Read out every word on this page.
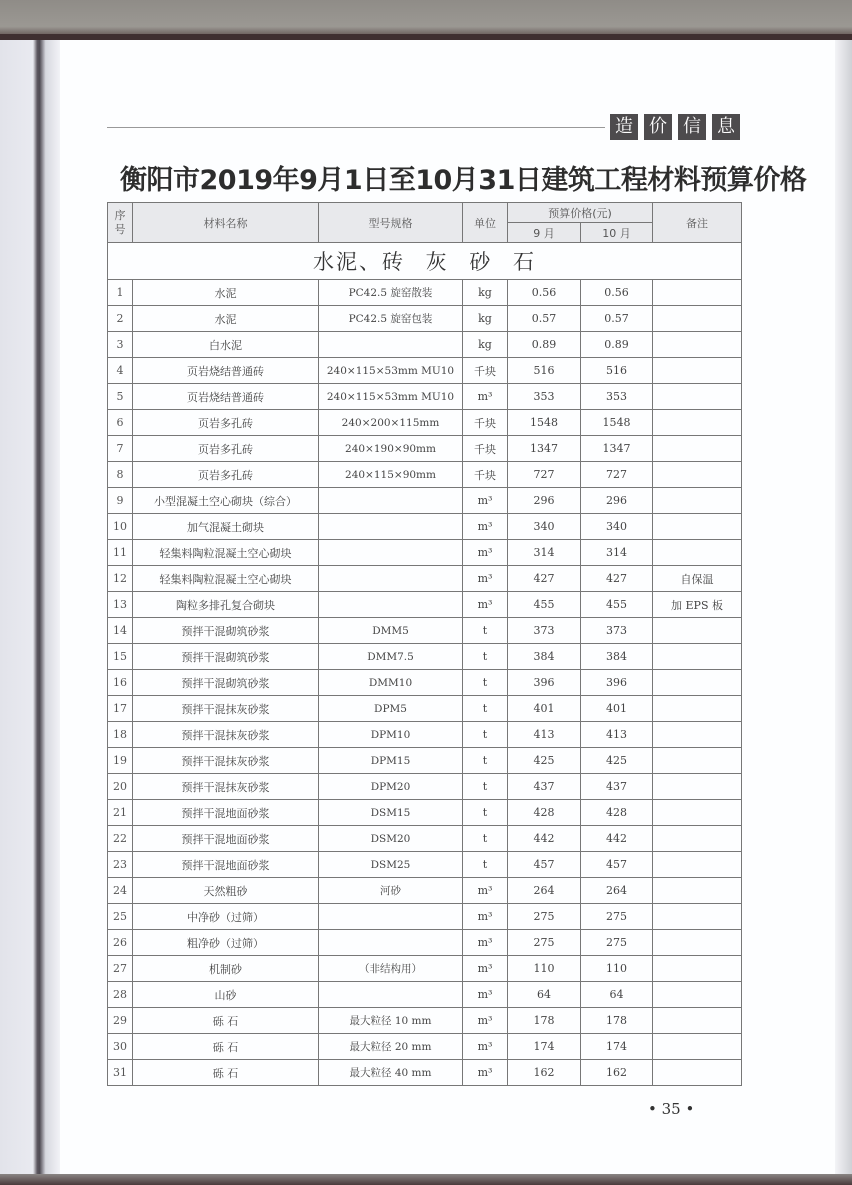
造 价 信 息
衡阳市2019年9月1日至10月31日建筑工程材料预算价格
序
号	材料名称	型号规格	单位	预算价格(元)		备注
				9 月	10 月	
水泥、砖 灰 砂 石						
1	水泥	PC42.5 旋窑散装	kg	0.56	0.56	
2	水泥	PC42.5 旋窑包装	kg	0.57	0.57	
3	白水泥		kg	0.89	0.89	
4	页岩烧结普通砖	240×115×53mm MU10	千块	516	516	
5	页岩烧结普通砖	240×115×53mm MU10	m³	353	353	
6	页岩多孔砖	240×200×115mm	千块	1548	1548	
7	页岩多孔砖	240×190×90mm	千块	1347	1347	
8	页岩多孔砖	240×115×90mm	千块	727	727	
9	小型混凝土空心砌块（综合）		m³	296	296	
10	加气混凝土砌块		m³	340	340	
11	轻集料陶粒混凝土空心砌块		m³	314	314	
12	轻集料陶粒混凝土空心砌块		m³	427	427	自保温
13	陶粒多排孔复合砌块		m³	455	455	加 EPS 板
14	预拌干混砌筑砂浆	DMM5	t	373	373	
15	预拌干混砌筑砂浆	DMM7.5	t	384	384	
16	预拌干混砌筑砂浆	DMM10	t	396	396	
17	预拌干混抹灰砂浆	DPM5	t	401	401	
18	预拌干混抹灰砂浆	DPM10	t	413	413	
19	预拌干混抹灰砂浆	DPM15	t	425	425	
20	预拌干混抹灰砂浆	DPM20	t	437	437	
21	预拌干混地面砂浆	DSM15	t	428	428	
22	预拌干混地面砂浆	DSM20	t	442	442	
23	预拌干混地面砂浆	DSM25	t	457	457	
24	天然粗砂	河砂	m³	264	264	
25	中净砂（过筛）		m³	275	275	
26	粗净砂（过筛）		m³	275	275	
27	机制砂	（非结构用）	m³	110	110	
28	山砂		m³	64	64	
29	砾 石	最大粒径 10 mm	m³	178	178	
30	砾 石	最大粒径 20 mm	m³	174	174	
31	砾 石	最大粒径 40 mm	m³	162	162	
• 35 •
